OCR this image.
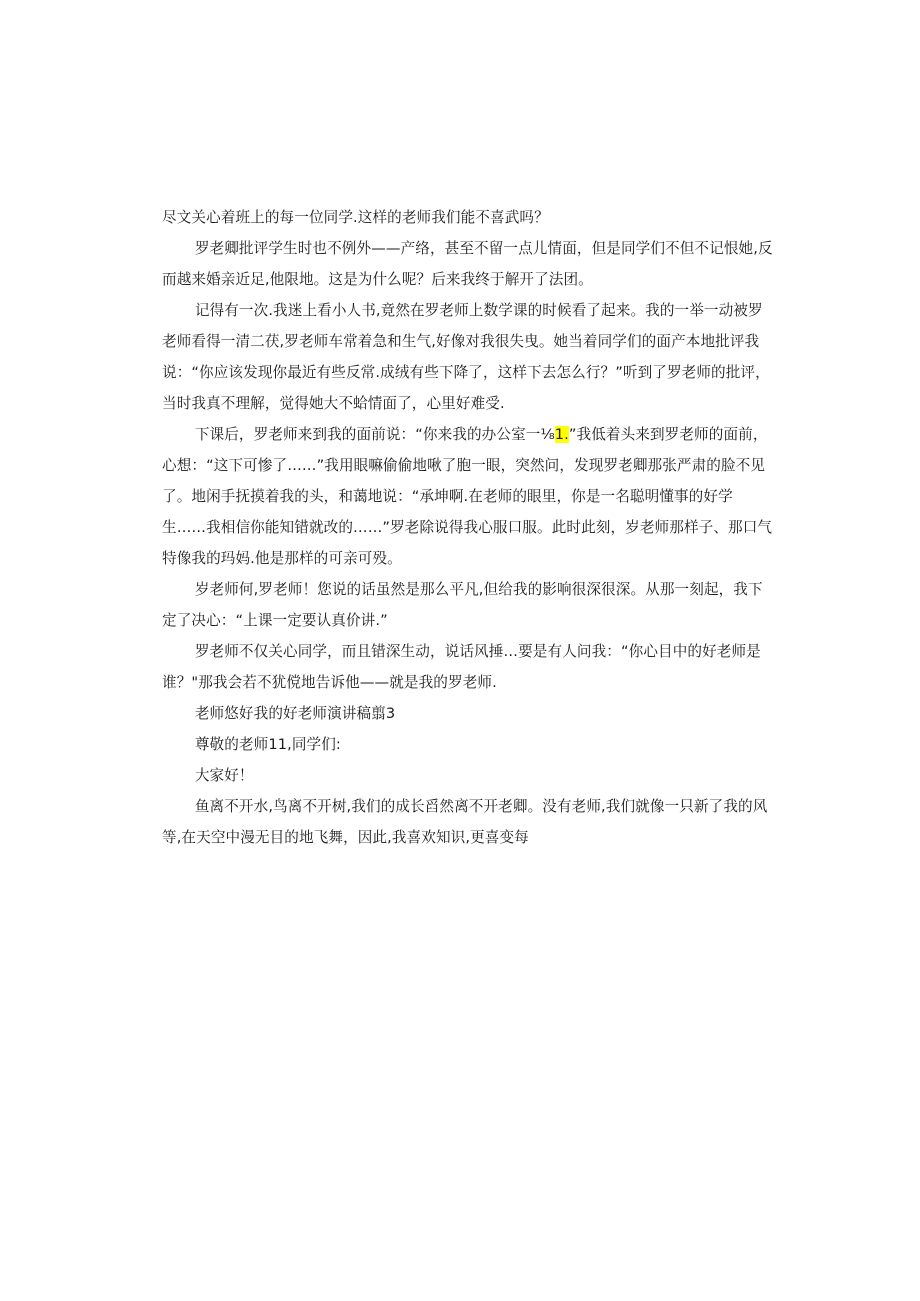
尽文关心着班上的每一位同学.这样的老师我们能不喜武吗？

罗老卿批评学生时也不例外——产络，甚至不留一点儿情面，但是同学们不但不记恨她,反而越来婚亲近足,他限地。这是为什么呢？后来我终于解开了法团。

记得有一次.我迷上看小人书,竟然在罗老师上数学课的时候看了起来。我的一举一动被罗老师看得一清二茯,罗老师车常着急和生气,好像对我很失曳。她当着同学们的面产本地批评我说：“你应该发现你最近有些反常.成绒有些下降了，这样下去怎么行？”听到了罗老师的批评，当时我真不理解，觉得她大不蛤情面了，心里好难受.

下课后，罗老师来到我的面前说：“你来我的办公室一⅛1.”我低着头来到罗老师的面前，心想：“这下可惨了……”我用眼嘛偷偷地啾了胞一眼，突然问，发现罗老卿那张严肃的脸不见了。地闲手抚摸着我的头，和蔼地说：“承坤啊.在老师的眼里，你是一名聪明懂事的好学生……我相信你能知错就改的……”罗老除说得我心服口服。此时此刻，岁老师那样子、那口气特像我的玛妈.他是那样的可亲可殁。

岁老师何,罗老师！您说的话虽然是那么平凡,但给我的影响很深很深。从那一刻起，我下定了决心：“上课一定要认真价讲.”

罗老师不仅关心同学，而且错深生动，说话风捶…要是有人问我：“你心目中的好老师是谁？"那我会若不犹傥地告诉他——就是我的罗老师.

老师悠好我的好老师演讲稿翦3

尊敬的老师11,同学们:

大家好！

鱼离不开水,鸟离不开树,我们的成长舀然离不开老卿。没有老师,我们就像一只新了我的风等,在天空中漫无目的地飞舞，因此,我喜欢知识,更喜变每
